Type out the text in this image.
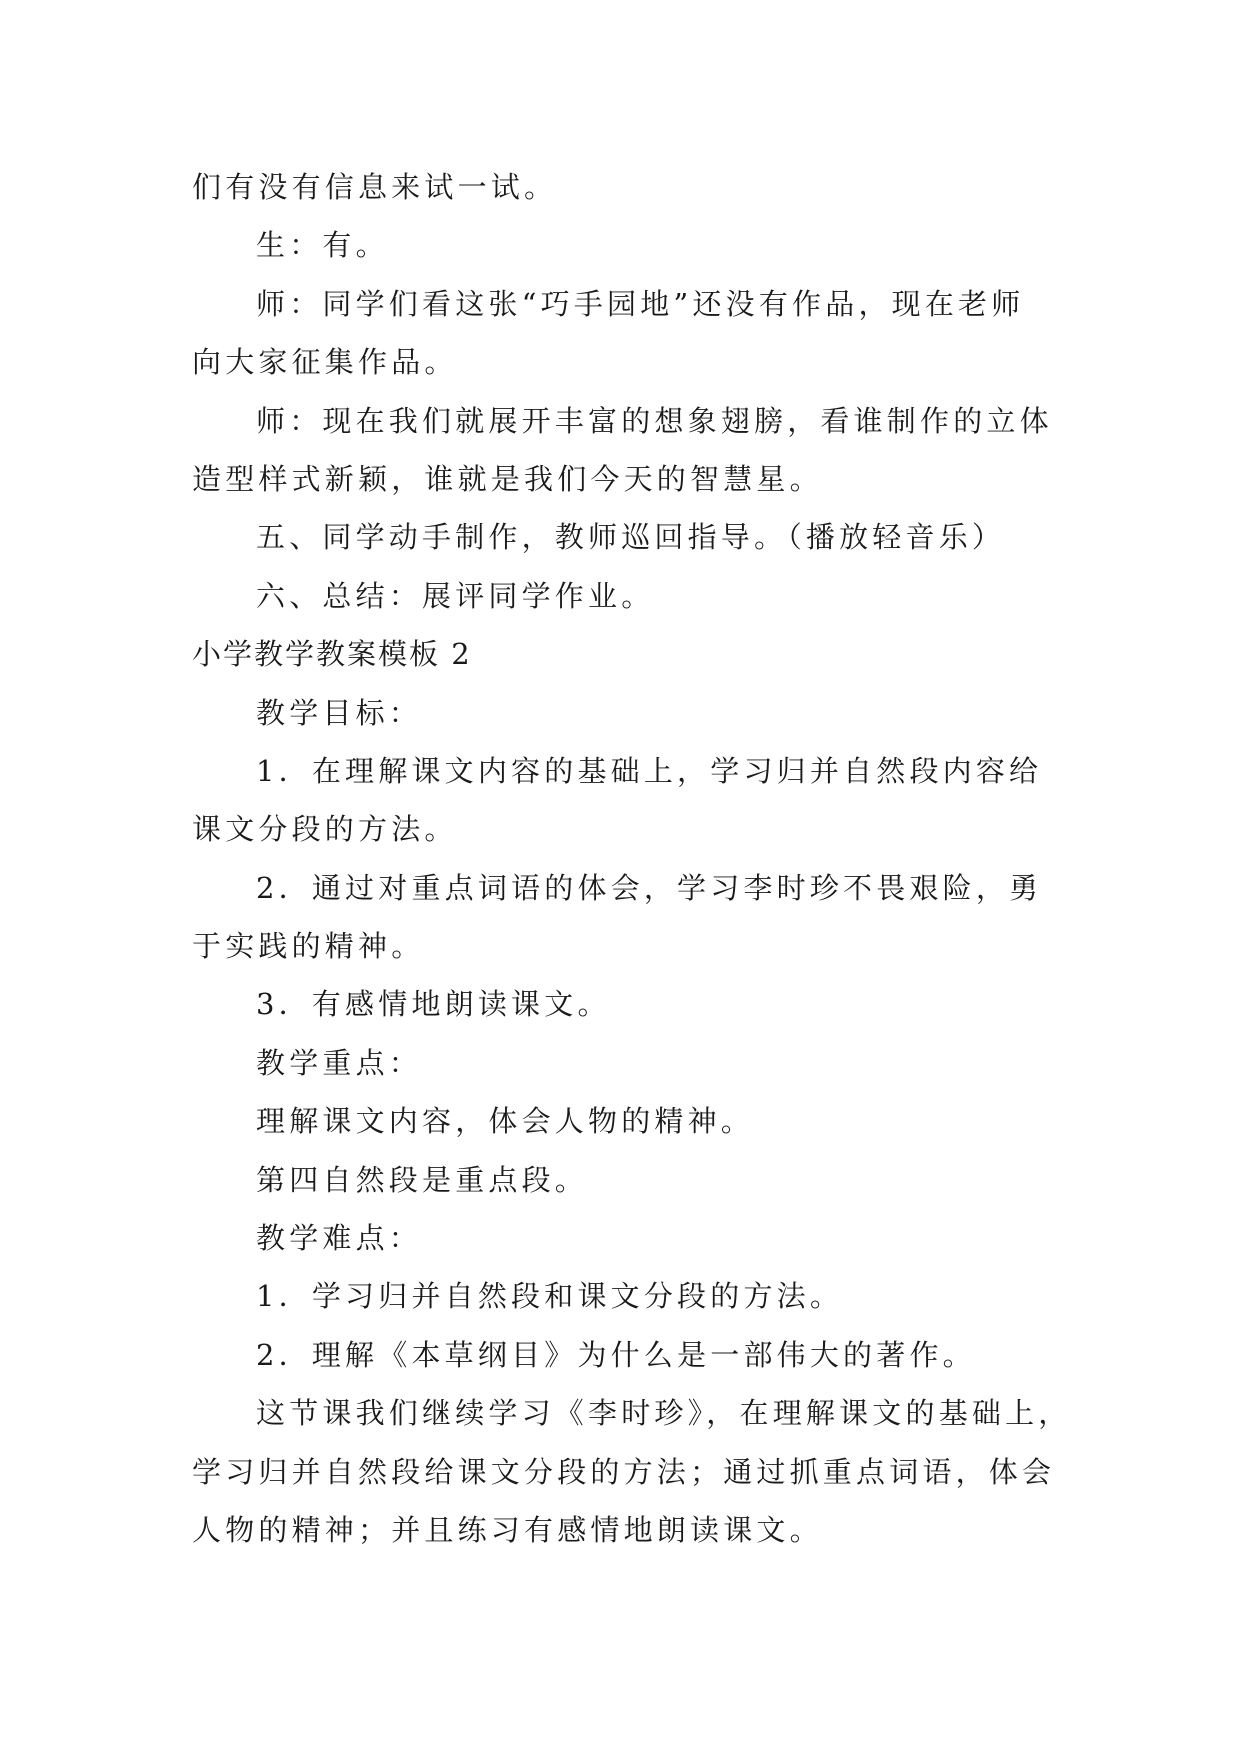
们有没有信息来试一试。
生：有。
师：同学们看这张“巧手园地”还没有作品，现在老师
向大家征集作品。
师：现在我们就展开丰富的想象翅膀，看谁制作的立体
造型样式新颖，谁就是我们今天的智慧星。
五、同学动手制作，教师巡回指导。（播放轻音乐）
六、总结：展评同学作业。
小学教学教案模板 2
教学目标：
1．在理解课文内容的基础上，学习归并自然段内容给
课文分段的方法。
2．通过对重点词语的体会，学习李时珍不畏艰险，勇
于实践的精神。
3．有感情地朗读课文。
教学重点：
理解课文内容，体会人物的精神。
第四自然段是重点段。
教学难点：
1．学习归并自然段和课文分段的方法。
2．理解《本草纲目》为什么是一部伟大的著作。
这节课我们继续学习《李时珍》，在理解课文的基础上，
学习归并自然段给课文分段的方法；通过抓重点词语，体会
人物的精神；并且练习有感情地朗读课文。
